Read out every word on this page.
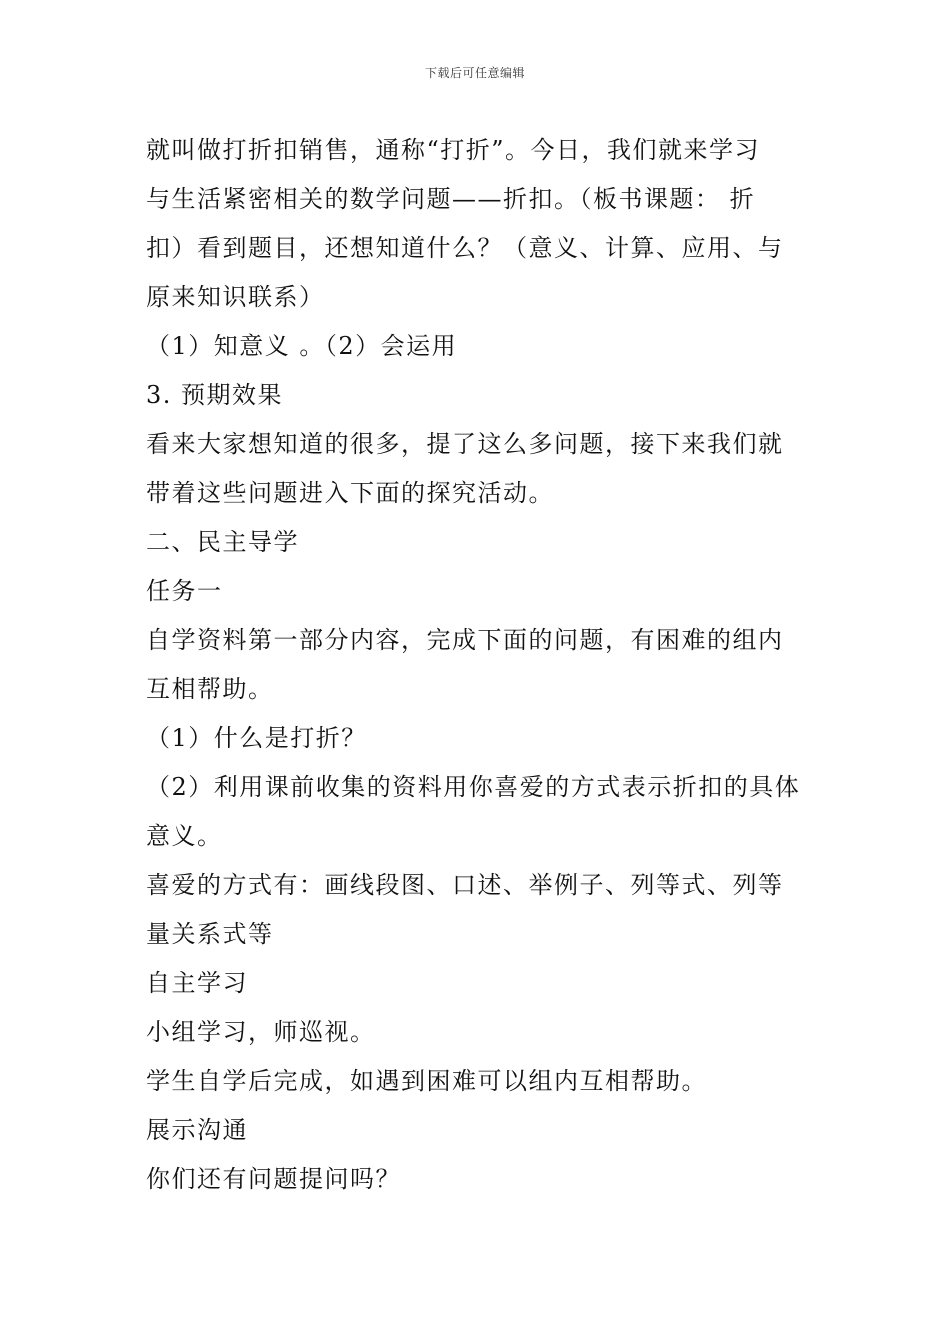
下载后可任意编辑
就叫做打折扣销售，通称“打折”。今日，我们就来学习
与生活紧密相关的数学问题——折扣。（板书课题： 折
扣）看到题目，还想知道什么？（意义、计算、应用、与
原来知识联系）
（1）知意义 。（2）会运用
3. 预期效果
看来大家想知道的很多，提了这么多问题，接下来我们就
带着这些问题进入下面的探究活动。
二、民主导学
任务一
自学资料第一部分内容，完成下面的问题，有困难的组内
互相帮助。
（1）什么是打折？
（2）利用课前收集的资料用你喜爱的方式表示折扣的具体
意义。
喜爱的方式有：画线段图、口述、举例子、列等式、列等
量关系式等
自主学习
小组学习，师巡视。
学生自学后完成，如遇到困难可以组内互相帮助。
展示沟通
你们还有问题提问吗？
